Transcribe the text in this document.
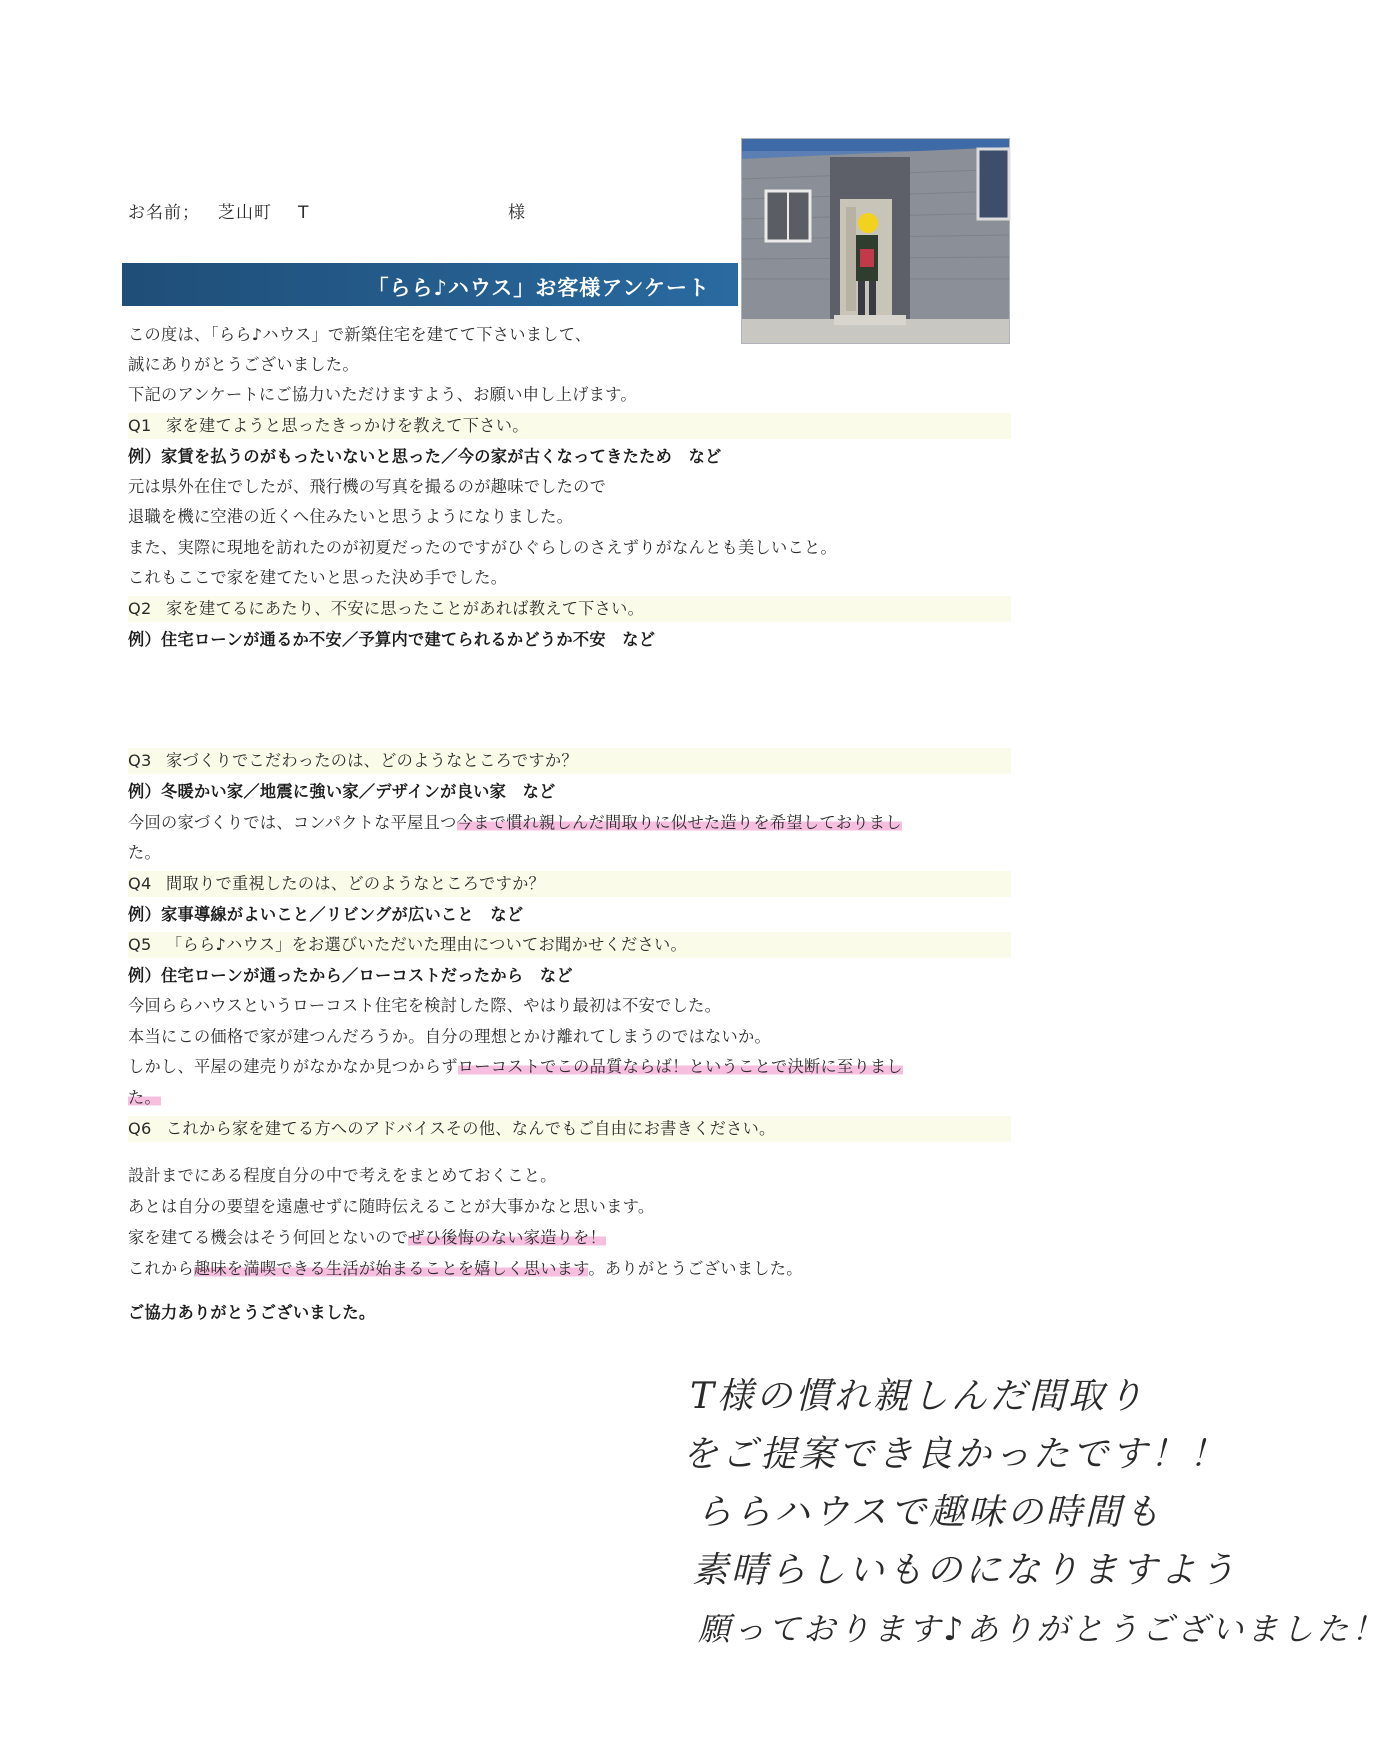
お名前； 芝山町 T	様
「らら♪ハウス」お客様アンケート
この度は、「らら♪ハウス」で新築住宅を建てて下さいまして、
誠にありがとうございました。
下記のアンケートにご協力いただけますよう、お願い申し上げます。
Q1 家を建てようと思ったきっかけを教えて下さい。
例）家賃を払うのがもったいないと思った／今の家が古くなってきたため　など
元は県外在住でしたが、飛行機の写真を撮るのが趣味でしたので
退職を機に空港の近くへ住みたいと思うようになりました。
また、実際に現地を訪れたのが初夏だったのですがひぐらしのさえずりがなんとも美しいこと。
これもここで家を建てたいと思った決め手でした。
Q2 家を建てるにあたり、不安に思ったことがあれば教えて下さい。
例）住宅ローンが通るか不安／予算内で建てられるかどうか不安　など
Q3 家づくりでこだわったのは、どのようなところですか？
例）冬暖かい家／地震に強い家／デザインが良い家　など
今回の家づくりでは、コンパクトな平屋且つ今まで慣れ親しんだ間取りに似せた造りを希望しておりまし
た。
Q4 間取りで重視したのは、どのようなところですか？
例）家事導線がよいこと／リビングが広いこと　など
Q5 「らら♪ハウス」をお選びいただいた理由についてお聞かせください。
例）住宅ローンが通ったから／ローコストだったから　など
今回ららハウスというローコスト住宅を検討した際、やはり最初は不安でした。
本当にこの価格で家が建つんだろうか。自分の理想とかけ離れてしまうのではないか。
しかし、平屋の建売りがなかなか見つからずローコストでこの品質ならば！ということで決断に至りまし
た。
Q6 これから家を建てる方へのアドバイスその他、なんでもご自由にお書きください。
設計までにある程度自分の中で考えをまとめておくこと。
あとは自分の要望を遠慮せずに随時伝えることが大事かなと思います。
家を建てる機会はそう何回とないのでぜひ後悔のない家造りを！
これから趣味を満喫できる生活が始まることを嬉しく思います。ありがとうございました。
ご協力ありがとうございました。
T様の慣れ親しんだ間取り
をご提案でき良かったです！！
ららハウスで趣味の時間も
素晴らしいものになりますよう
願っております♪ありがとうございました！
